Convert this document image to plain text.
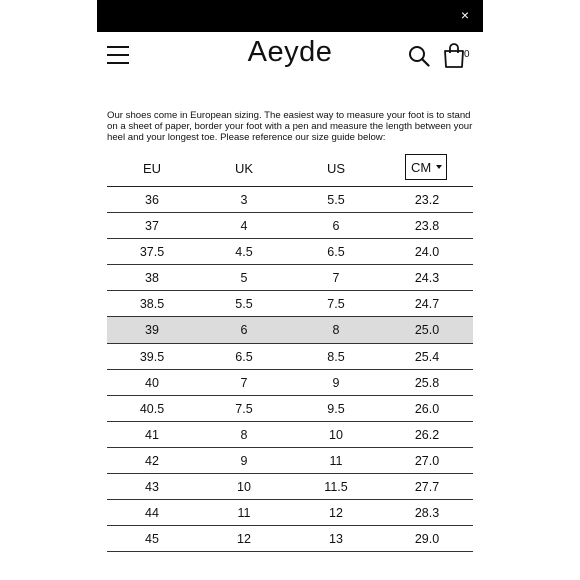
×
Aeyde	0

Our shoes come in European sizing. The easiest way to measure your foot is to stand on a sheet of paper, border your foot with a pen and measure the length between your heel and your longest toe. Please reference our size guide below:

EU	UK	US	CM
36	3	5.5	23.2
37	4	6	23.8
37.5	4.5	6.5	24.0
38	5	7	24.3
38.5	5.5	7.5	24.7
39	6	8	25.0
39.5	6.5	8.5	25.4
40	7	9	25.8
40.5	7.5	9.5	26.0
41	8	10	26.2
42	9	11	27.0
43	10	11.5	27.7
44	11	12	28.3
45	12	13	29.0
